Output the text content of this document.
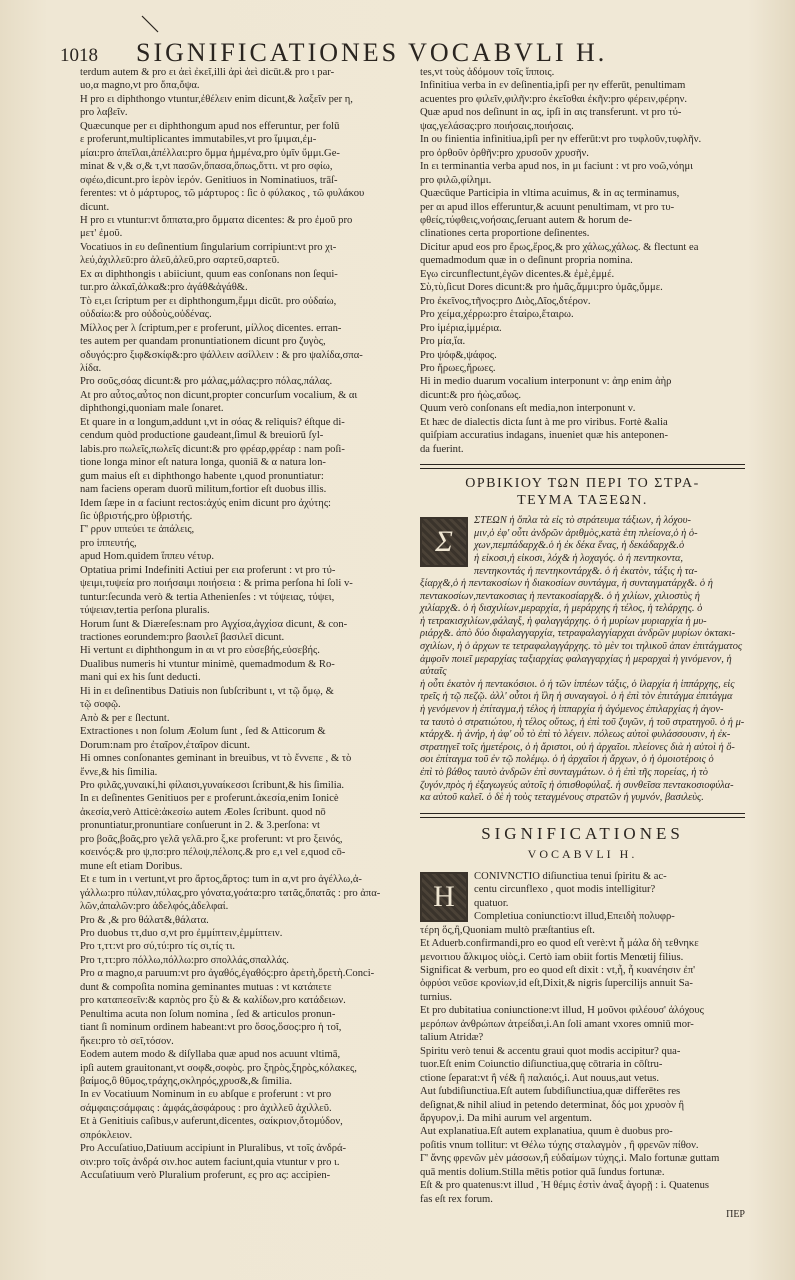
1018	SIGNIFICATIONES VOCABVLI H.

terdum autem & pro ει ἀεὶ ἐκεῖ,illi ἀρὶ ἀεὶ dicūt.& pro ι par-

uo,α magno,vt pro ὅπα,ὄψα.

H pro ει diphthongo vtuntur,ἐθέλειν enim dicunt,& λαξεῖν per η,

pro λαβεῖν.

Quæcunque per ει diphthongum apud nos efferuntur, per folū

ε proferunt,multiplicantes immutabiles,vt pro ἵμιμαι,ἐμ-

μίαι:pro ἀπεῖλαι,ἀπέλλαι:pro ὄμμα ἡμμένα,pro ὑμῖν ὔμμι.Ge-

minat & ν,& σ,& τ,vt πασῶν,ὄπασα,ὅπως,ὅττι. vt pro σφίω,

σφέω,dicunt.pro ἱερὸν ἰερόν. Genitiuos in Nominatiuos, trāſ-

ferentes: vt ὁ μάρτυρος, τῶ μάρτυρος : ſic ὁ φύλακος , τῶ φυλάκου

dicunt.

H pro ει vtuntur:vt ὄππατα,pro ὄμματα dicentes: & pro ἐμοῦ pro

μετ' ἐμοῦ.

Vocatiuos in ευ deſinentium ſingularium corripiunt:vt pro χι-

λεύ,ἀχιλλεῦ:pro ἀλεῦ,ἀλεῦ,pro σαρτεῦ,σαρτεῦ.

Ex αι diphthongis ι abiiciunt, quum eas conſonans non ſequi-

tur.pro ἀλκαῖ,ἀλκα&:pro ἀγάθ&ἀγάθ&.

Tὸ ει,ει ſcriptum per ει diphthongum,ἔμμι dicūt. pro οὐδαίω,

οὐδαίω:& pro οὐδοὺς,οὐδένας.

Μίλλος per λ ſcriptum,per ε proferunt, μίλλος dicentes. erran-

tes autem per quandam pronuntiationem dicunt pro ζυγὸς,

σδυγός:pro ξιφ&σκίφ&:pro ψάλλειν ασίλλειν : & pro ψαλίδα,σπα-

λίδα.

Pro σοῦς,σόας dicunt:& pro μάλας,μάλας:pro πόλας,πάλας.

At pro αὖτος,αὖτος non dicunt,propter concurſum vocalium, & αι

diphthongi,quoniam male ſonaret.

Et quare in α longum,addunt ι,vt in σόας & reliquis? éſtque di-

cendum quòd productione gaudeant,ſimul & breuiorū ſyl-

labis.pro πωλεῖς,πωλεῖς dicunt:& pro φρέαρ,φρέαρ : nam poſi-

tione longa minor eſt natura longa, quoniā & α natura lon-

gum maius eſt ει diphthongo habente ι,quod pronuntiatur:

nam faciens operam duorū militum,fortior eſt duobus illis.

Idem ſæpe in α faciunt rectos:ἀχύς enim dicunt pro ἀχύτης:

ſic ὑβριστής,pro ὑβριστής.

Γ' ρρυν ιππεύει τε ἀπάλεις,

pro ἱππευτής,

apud Hom.quidem ἵππευ νέτυρ.

Optatiua primi Indefiniti Actiui per εια proferunt : vt pro τύ-

ψειμι,τυψεία pro ποιήσαιμι ποιήσεια : & prima perſona hi ſoli v-

tuntur:ſecunda verò & tertia Athenienſes : vt τύψειας, τύψει,

τύψειαν,tertia perſona pluralis.

Horum ſunt & Diæreſes:nam pro Αγχίσα,ἀγχίσα dicunt, & con-

tractiones eorundem:pro βασιλεῖ βασιλεῖ dicunt.

Hi vertunt ει diphthongum in αι vt pro εὐσεβής,εὐσεβής.

Dualibus numeris hi vtuntur minimè, quemadmodum & Ro-

mani qui ex his ſunt deducti.

Hi in ει deſinentibus Datiuis non ſubſcribunt ι, vt τῷ ὄμῳ, &

τῷ σοφῷ.

Απὸ & per ε ſlectunt.

Extractiones ι non ſolum Æolum ſunt , ſed & Atticorum &

Dorum:nam pro ἐταῖρον,ἐταῖρον dicunt.

Hi omnes conſonantes geminant in breuibus, vt τὸ ἔννεπε , & τὸ

ἔννε,& his ſimilia.

Pro φιλᾶς,γυναικί,hi φίλαισι,γυναίκεσσι ſcribunt,& his ſimilia.

In ει deſinentes Genitiuos per ε proferunt.ἀκεσία,enim Ionicè

ἀκεσία,verò Atticè:ἀκεσίω autem Æoles ſcribunt. quod nō

pronuntiatur,pronuntiare conſuerunt in 2. & 3.perſona: vt

pro βοᾶς,βοᾶς,pro γελᾶ γελᾶ.pro ξ,κε proferunt: vt pro ξεινός,

κσεινός:& pro ψ,πσ:pro πέλοψ,πέλοπς.& pro ε,ι vel ε,quod cō-

mune eſt etiam Doribus.

Et ε tum in ι vertunt,vt pro ἄρτος,ἄρτος: tum in α,vt pro ἀγέλλω,ἀ-

γάλλω:pro πύλαν,πύλας,pro γόνατα,γοάτα:pro τατᾶς,ὄπατᾶς : pro ἀπα-

λῶν,ἀπαλῶν:pro ἀδελφός,ἀδελφαί.

Pro & ,& pro θάλατ&,θάλατα.

Pro duobus ττ,duo σ,vt pro ἐμμίπτειν,ἐμμίπτειν.

Pro τ,ττ:vt pro σύ,τύ:pro τίς σι,τίς τι.

Pro τ,ττ:pro πόλλω,πόλλω:pro σπολλάς,σπαλλάς.

Pro α magno,α paruum:vt pro ἀγαθός,ἐγαθός:pro ἀρετὴ,ὄρετὴ.Conci-

dunt & compoſita nomina geminantes mutuas : vt κατάπετε

pro καταπεσεῖν:& καρπὸς pro ξὺ & & καλίδων,pro κατάδειων.

Penultima acuta non ſolum nomina , ſed & articulos pronun-

tiant ſi nominum ordinem habeant:vt pro ὅσος,ὅσος:pro ἡ τοῖ,

ἥκει:pro τὸ σεῖ,τόσον.

Eodem autem modo & diſyllaba quæ apud nos acuunt vltimā,

ipſi autem grauitonant,vt σοφ&,σοφὸς. pro ξηρὸς,ξηρὸς,κόλακες,

βαίμος,ὃ θῦμος,τράχης,σκληρός,χρυσ&,& ſimilia.

In εν Vocatiuum Nominum in ευ abſque ε proferunt : vt pro

σάμφαις:σάμφαις : ἀμφάς,ἀσφάρους : pro ἀχιλλεῦ ἀχιλλεῦ.

Et à Genitiuis caſibus,ν auferunt,dicentes, σαίκριον,ὄτομύδον,

σπρόκλειον.

Pro Accuſatiuo,Datiuum accipiunt in Pluralibus, vt τοῖς ἀνδρά-

σιν:pro τοῖς ἀνδρά σιν.hoc autem faciunt,quia vtuntur ν pro ι.

Accuſatiuum verò Pluralium proferunt, ες pro ας: accipien-

tes,vt τοὺς ἀδόμουν τοῖς ἴπποις.

Infinitiua verba in εν deſinentia,ipſi per ην efferūt, penultimam

acuentes pro φιλεῖν,φιλῆν:pro ἐκεῖσθαι ἐκῆν:pro φέρειν,φέρην.

Quæ apud nos deſinunt in ας, ipſi in αις transferunt. vt pro τύ-

ψας,γελάσας:pro ποιήσαις,ποιήσαις.

In ου finientia infinitiua,ipſi per ην efferūt:vt pro τυφλοῦν,τυφλῆν.

pro ὀρθοῦν ὀρθῆν:pro χρυσοῦν χρυσῆν.

In ει terminantia verba apud nos, in μι faciunt : vt pro νοῶ,νόημι

pro φιλῶ,φίλημι.

Quæcūque Participia in vltima acuimus, & in ας terminamus,

per αι apud illos efferuntur,& acuunt penultimam, vt pro τυ-

φθείς,τύφθεις,νοήσαις,ſeruant autem & horum de-

clinationes certa proportione deſinentes.

Dicitur apud eos pro ἔρως,ἔρος,& pro χάλως,χάλως. & flectunt ea

quemadmodum quæ in ο deſinunt propria nomina.

Εγω circunflectunt,ἐγῶν dicentes.& ἐμὲ,ἐμμέ.

Σὺ,τὺ,ſicut Dores dicunt:& pro ἡμᾶς,ἄμμι:pro ὑμᾶς,ὔμμε.

Pro ἐκεῖνος,τῆνος:pro Διὸς,Δῖος,δτέρον.

Pro χείμα,χέρρω:pro ἑταίρω,ἔταιρω.

Pro ἱμέρια,ἱμμέρια.

Pro μία,ἴα.

Pro ψόφ&,ψάφος.

Pro ἥρωες,ἥρωες.

Hi in medio duarum vocalium interponunt ν: ἀηρ enim ἀὴρ

dicunt:& pro ἠὼς,αὔως.

Quum verò conſonans eſt media,non interponunt ν.

Et hæc de dialectis dicta ſunt à me pro viribus. Fortè &alia

quiſpiam accuratius indagans, inueniet quæ his anteponen-

da fuerint.

ΟΡΒΙΚΙΟΥ ΤΩΝ ΠΕΡΙ ΤΟ ΣΤΡΑ-
ΤΕΥΜΑ ΤΑΞΕΩΝ.
Σ

ΣΤΕΩΝ ἡ ὅπλα τὰ εἰς τὸ στράτευμα τάξιων, ἡ λόχου-

μιν,ὁ ἐφ' οὗτι ἀνδρῶν ἀριθμὸς,κατὰ ἑτη πλείονα,ὁ ἡ ὁ-

χων,πεμπάδαρχ&.ὁ ἡ ἐκ δέκα ἕνας, ἡ δεκάδαρχ&.ὁ

ἡ εἰκοσι,ἡ εἰκοσι, λόχ& ἡ λοχαγός. ὁ ἡ πεντηκοντα,

πεντηκοντάς ἡ πεντηκοντάρχ&. ὁ ἡ ἑκατὸν, τάξις ἡ τα-

ξίαρχ&,ὁ ἡ πεντακοσίων ἡ διακοσίων συντάγμα, ἡ συνταγματάρχ&. ὁ ἡ

πεντακοσίων,πεντακοσιας ἡ πεντακοσίαρχ&. ὁ ἡ χιλίων, χιλιοστὺς ἡ

χιλίαρχ&. ὁ ἡ δισχιλίων,μεραρχία, ἡ μεράρχης ἡ τέλος, ἡ τελάρχης. ὁ

ἡ τετρακισχιλίων,φάλαγξ, ἡ φαλαγγάρχης. ὁ ἡ μυρίων μυριαρχία ἡ μυ-

ριάρχ&. ἀπὸ δύο διφαλαγγαρχία, τετραφαλαγγίαρχαι ἀνδρῶν μυρίων ὀκτακι-

σχιλίων, ἡ ὁ ἀρχων τε τετραφαλαγγάρχης. τὸ μὲν τοι τηλικοῦ ἀπαν ἐπιτάγματος

ἀμφοῖν ποιεῖ μεραρχίας ταξιαρχίας φαλαγγαρχίας ἡ μεραρχαὶ ἡ γινόμενον, ἡ αὐταῖς

ἡ οὗτι ἑκατὸν ἡ πεντακόσιοι. ὁ ἡ τῶν ἱππέων τάξις, ὁ ἱλαρχία ἡ ἱππάρχης, εἰς

τρεῖς ἡ τῷ πεζῷ. ἀλλ' οὗτοι ἡ ἵλη ἡ συναγαγοὶ. ὁ ἡ ἐπὶ τὸν ἐπιτάγμα ἐπιτάγμα

ἡ γενόμενον ἡ ἐπίταγμα,ἡ τέλος ἡ ἱππαρχία ἡ ἀγόμενος ἐπιλαρχίας ἡ ἀγον-

τα ταυτὸ ὁ στρατιώτου, ἡ τέλος οὕτως, ἡ ἐπὶ τοῦ ζυγῶν, ἡ τοῦ στρατηγοῦ. ὁ ἡ μ-

κτάρχ&. ἡ ἀνήρ, ἡ ἀφ' οὗ τὸ ἐπὶ τὸ λέγειν. πόλεως αὐτοὶ φυλάσσουσιν, ἡ ἐκ-

στρατηγεῖ τοῖς ἡμετέροις, ὁ ἡ ἄριστοι, οὐ ἡ ἀρχαῖοι. πλείονες διὰ ἡ αὐτοὶ ἡ ὅ-

σοι ἐπίταγμα τοῦ ἐν τῷ πολέμῳ. ὁ ἡ ἀρχαῖοι ἡ ἄρχων, ὁ ἡ ὀμοιοτέροις ὁ

ἐπὶ τὸ βάθος ταυτὸ ἀνδρῶν ἐπὶ συνταγμάτων. ὁ ἡ ἐπὶ τῆς πορείας, ἡ τὸ

ζυγόν,πρὸς ἡ ἐξαγωγεύς αὐτοῖς ἡ ὀπισθοφύλαξ. ἡ συνθεῖσα πεντακοσιοφύλα-

κα αὐτοῦ καλεῖ. ὁ δὲ ἡ τοὺς τεταγμένους στρατῶν ἡ γυμνόν, βασιλεὺς.

SIGNIFICATIONES
VOCABVLI H.
H

CONIVNCTIO diſiunctiua tenui ſpiritu & ac-

centu circunflexo , quot modis intelligitur?

quatuor.

Completiua coniunctio:vt illud,Επειδὴ πολυφρ-

τέρη ὅς,ἢ,Quoniam multò præſtantius eſt.

Et Aduerb.confirmandi,pro eo quod eſt verè:vt ἦ μάλα δὴ τεθνηκε

μενοιτιου ἄλκιμος υἱὸς,i. Certò iam obiit fortis Menœtij filius.

Significat & verbum, pro eo quod eſt dixit : vt,ἦ, ἦ κυανέησιν ἐπ'

ὀφρύσι νεῦσε κρονίων,id eſt,Dixit,& nigris ſupercilijs annuit Sa-

turnius.

Et pro dubitatiua coniunctione:vt illud, Η μοῦνοι φιλέουσ' ἀλόχους

μερόπων ἀνθρώπων ἀτρείδαι,i.An ſoli amant vxores omniū mor-

talium Atridæ?

Spiritu verò tenui & accentu graui quot modis accipitur? qua-

tuor.Eſt enim Coiunctio diſiunctiua,quę cōtraria in cōſtru-

ctione ſeparat:vt ἢ νέ& ἢ παλαιός,i. Aut nouus,aut vetus.

Aut ſubdiſiunctiua.Eſt autem ſubdiſiunctiua,quæ differētes res

deſignat,& nihil aliud in petendo determinat, δός μοι χρυσὸν ἢ

ἄργυρον,i. Da mihi aurum vel argentum.

Aut explanatiua.Eſt autem explanatiua, quum è duobus pro-

poſitis vnum tollitur: vt Θέλω τύχης σταλαγμὸν , ἢ φρενῶν πίθον.

Γ' ἄνης φρενῶν μὲν μάσσων,ἢ εὐδαίμων τύχης,i. Malo fortunæ guttam

quā mentis dolium.Stilla mētis potior quā ſundus fortunæ.

Eſt & pro quatenus:vt illud , Ἡ θέμις ἐστὶν ἀναξ ἀγορῇ : i. Quatenus

fas eſt rex forum.

ΠΕΡ
